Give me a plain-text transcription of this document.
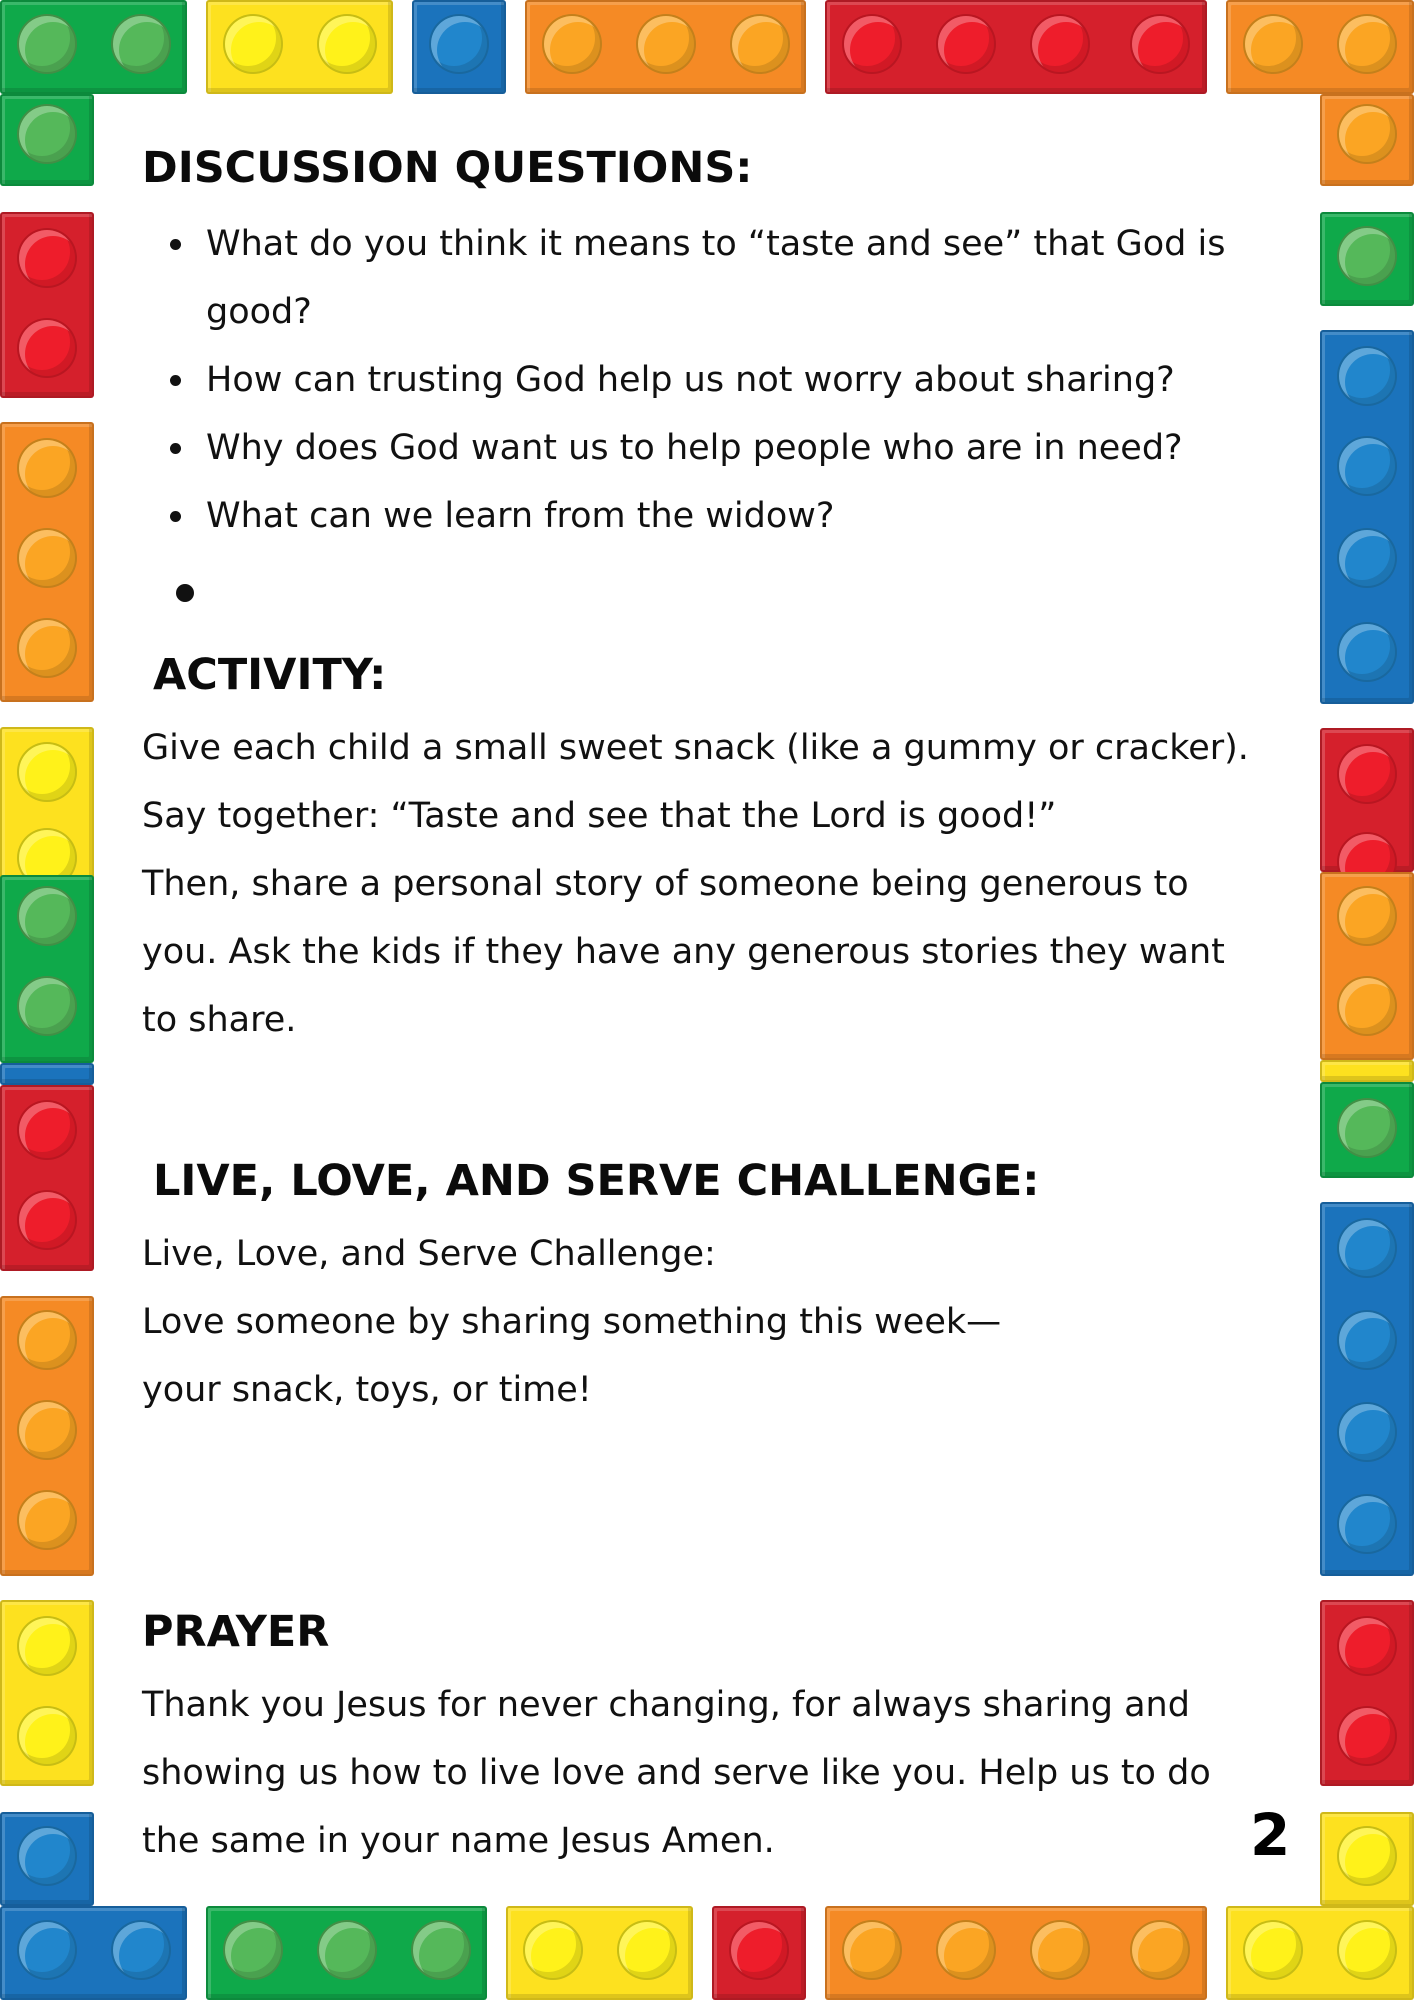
DISCUSSION QUESTIONS:
What do you think it means to “taste and see” that God is
good?
How can trusting God help us not worry about sharing?
Why does God want us to help people who are in need?
What can we learn from the widow?
ACTIVITY:
Give each child a small sweet snack (like a gummy or cracker).
Say together: “Taste and see that the Lord is good!”
Then, share a personal story of someone being generous to
you. Ask the kids if they have any generous stories they want
to share.
LIVE, LOVE, AND SERVE CHALLENGE:
Live, Love, and Serve Challenge:
Love someone by sharing something this week—
your snack, toys, or time!
PRAYER
Thank you Jesus for never changing, for always sharing and
showing us how to live love and serve like you. Help us to do
the same in your name Jesus Amen.	2
